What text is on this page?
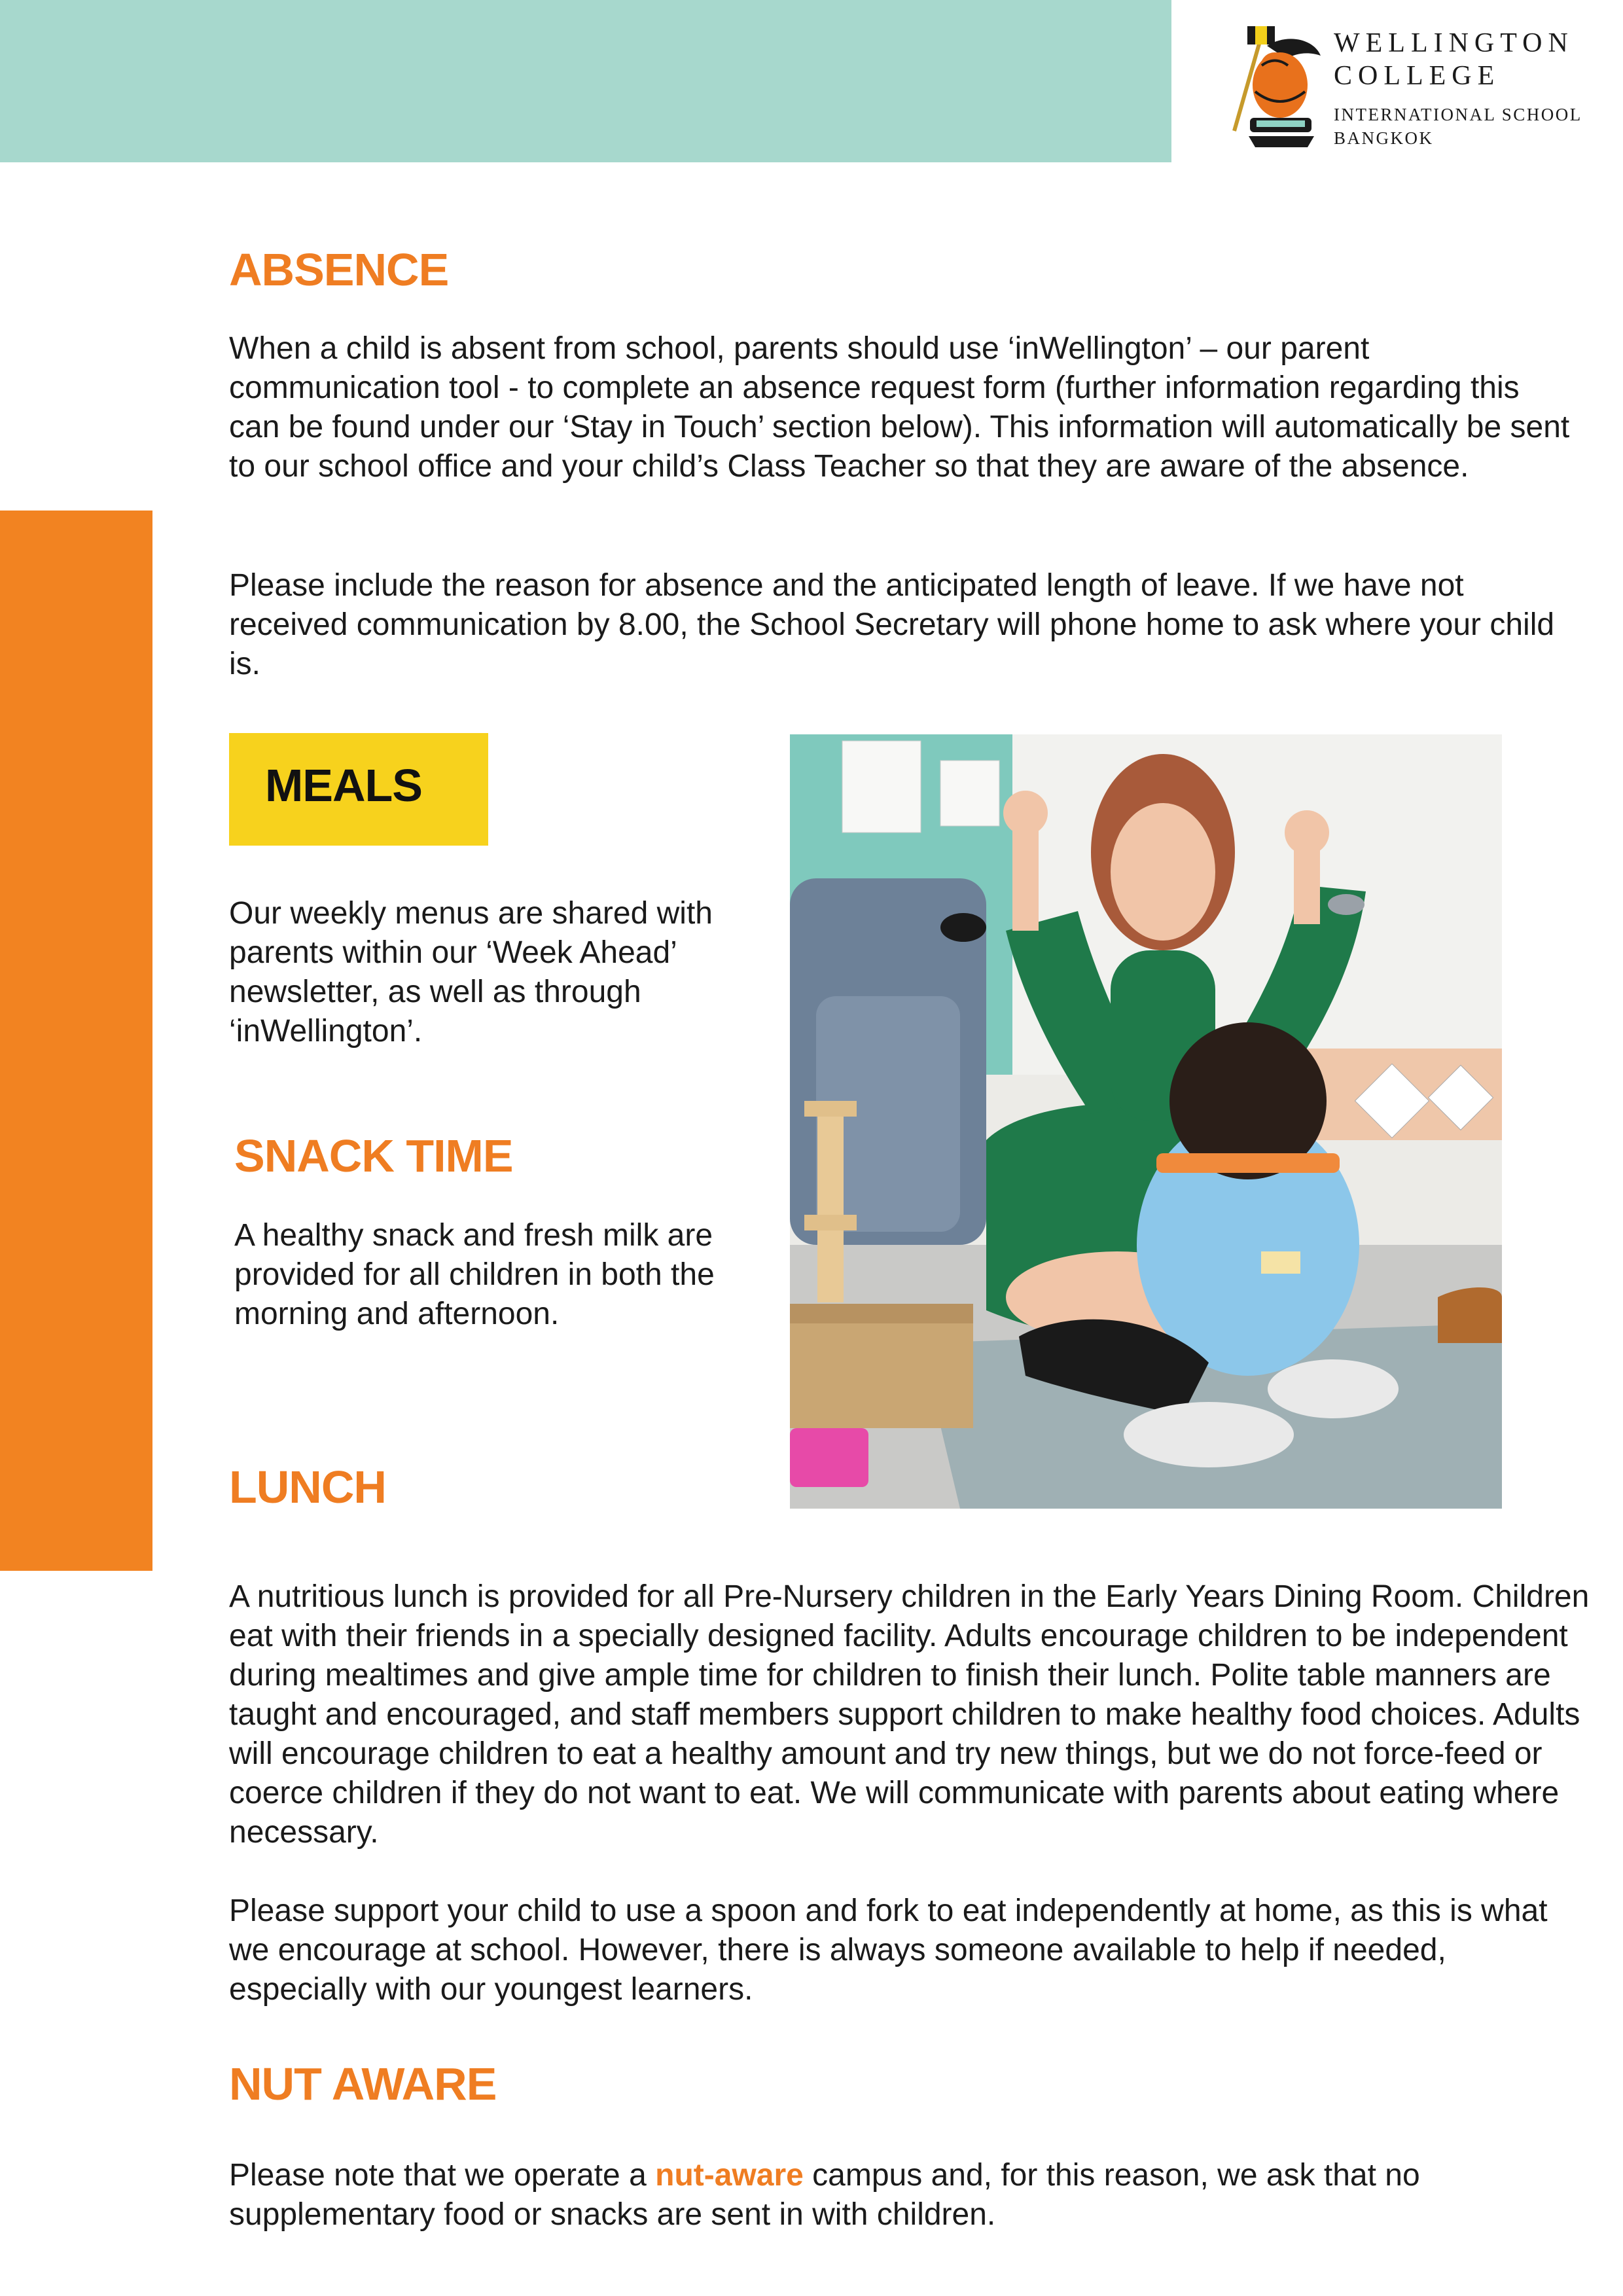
WELLINGTON
COLLEGE
INTERNATIONAL SCHOOL
BANGKOK
ABSENCE

When a child is absent from school, parents should use ‘inWellington’ – our parent communication tool - to complete an absence request form (further information regarding this can be found under our ‘Stay in Touch’ section below). This information will automatically be sent to our school office and your child’s Class Teacher so that they are aware of the absence.

Please include the reason for absence and the anticipated length of leave. If we have not received communication by 8.00, the School Secretary will phone home to ask where your child is.

MEALS

Our weekly menus are shared with parents within our ‘Week Ahead’ newsletter, as well as through ‘inWellington’.

SNACK TIME

A healthy snack and fresh milk are provided for all children in both the morning and afternoon.

LUNCH

A nutritious lunch is provided for all Pre-Nursery children in the Early Years Dining Room. Children eat with their friends in a specially designed facility. Adults encourage children to be independent during mealtimes and give ample time for children to finish their lunch. Polite table manners are taught and encouraged, and staff members support children to make healthy food choices. Adults will encourage children to eat a healthy amount and try new things, but we do not force-feed or coerce children if they do not want to eat. We will communicate with parents about eating where necessary.

Please support your child to use a spoon and fork to eat independently at home, as this is what we encourage at school. However, there is always someone available to help if needed, especially with our youngest learners.

NUT AWARE

Please note that we operate a nut-aware campus and, for this reason, we ask that no supplementary food or snacks are sent in with children.
